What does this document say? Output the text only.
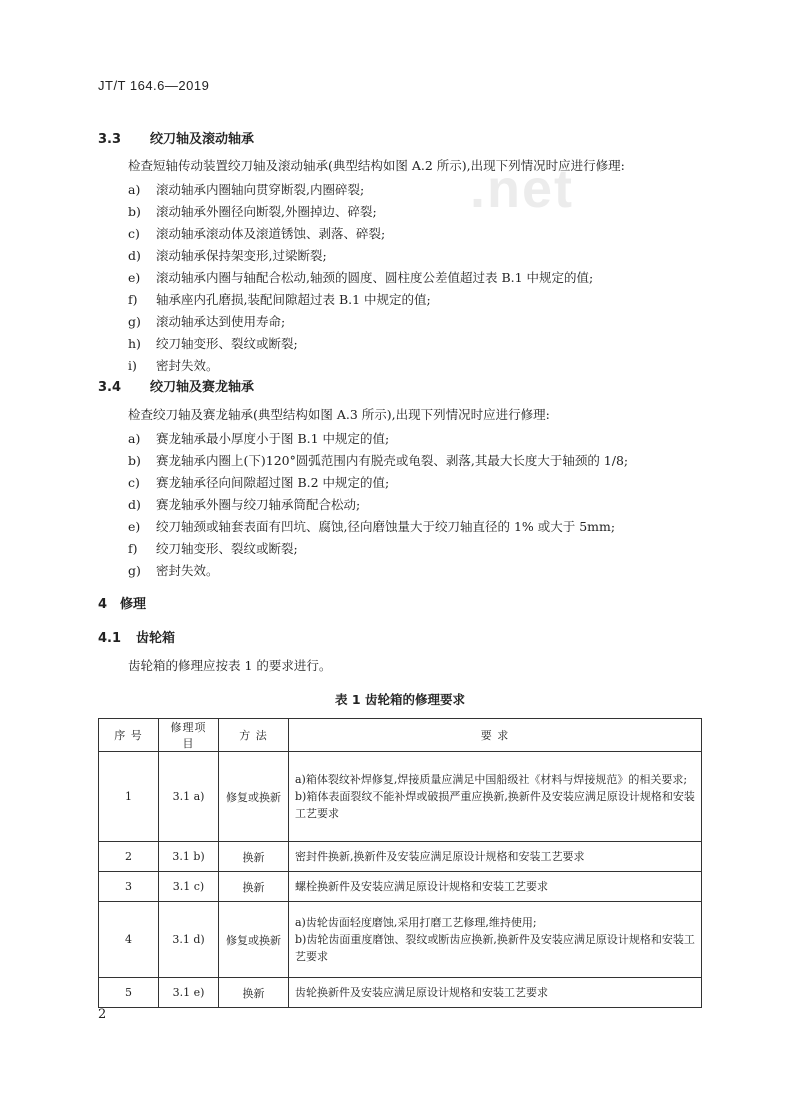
JT/T 164.6—2019
.net
3.3 绞刀轴及滚动轴承
检查短轴传动装置绞刀轴及滚动轴承(典型结构如图 A.2 所示),出现下列情况时应进行修理:
a) 滚动轴承内圈轴向贯穿断裂,内圈碎裂;
b) 滚动轴承外圈径向断裂,外圈掉边、碎裂;
c) 滚动轴承滚动体及滚道锈蚀、剥落、碎裂;
d) 滚动轴承保持架变形,过梁断裂;
e) 滚动轴承内圈与轴配合松动,轴颈的圆度、圆柱度公差值超过表 B.1 中规定的值;
f) 轴承座内孔磨损,装配间隙超过表 B.1 中规定的值;
g) 滚动轴承达到使用寿命;
h) 绞刀轴变形、裂纹或断裂;
i) 密封失效。
3.4 绞刀轴及赛龙轴承
检查绞刀轴及赛龙轴承(典型结构如图 A.3 所示),出现下列情况时应进行修理:
a) 赛龙轴承最小厚度小于图 B.1 中规定的值;
b) 赛龙轴承内圈上(下)120°圆弧范围内有脱壳或龟裂、剥落,其最大长度大于轴颈的 1/8;
c) 赛龙轴承径向间隙超过图 B.2 中规定的值;
d) 赛龙轴承外圈与绞刀轴承筒配合松动;
e) 绞刀轴颈或轴套表面有凹坑、腐蚀,径向磨蚀量大于绞刀轴直径的 1% 或大于 5mm;
f) 绞刀轴变形、裂纹或断裂;
g) 密封失效。
4 修理
4.1 齿轮箱
齿轮箱的修理应按表 1 的要求进行。
表 1 齿轮箱的修理要求
序 号	修理项目	方 法	要 求
1	3.1 a)	修复或换新	a)箱体裂纹补焊修复,焊接质量应满足中国船级社《材料与焊接规范》的相关要求;
b)箱体表面裂纹不能补焊或破损严重应换新,换新件及安装应满足原设计规格和安装工艺要求

2	3.1 b)	换新	密封件换新,换新件及安装应满足原设计规格和安装工艺要求

3	3.1 c)	换新	螺栓换新件及安装应满足原设计规格和安装工艺要求

4	3.1 d)	修复或换新	a)齿轮齿面轻度磨蚀,采用打磨工艺修理,维持使用;
b)齿轮齿面重度磨蚀、裂纹或断齿应换新,换新件及安装应满足原设计规格和安装工艺要求

5	3.1 e)	换新	齿轮换新件及安装应满足原设计规格和安装工艺要求
2
